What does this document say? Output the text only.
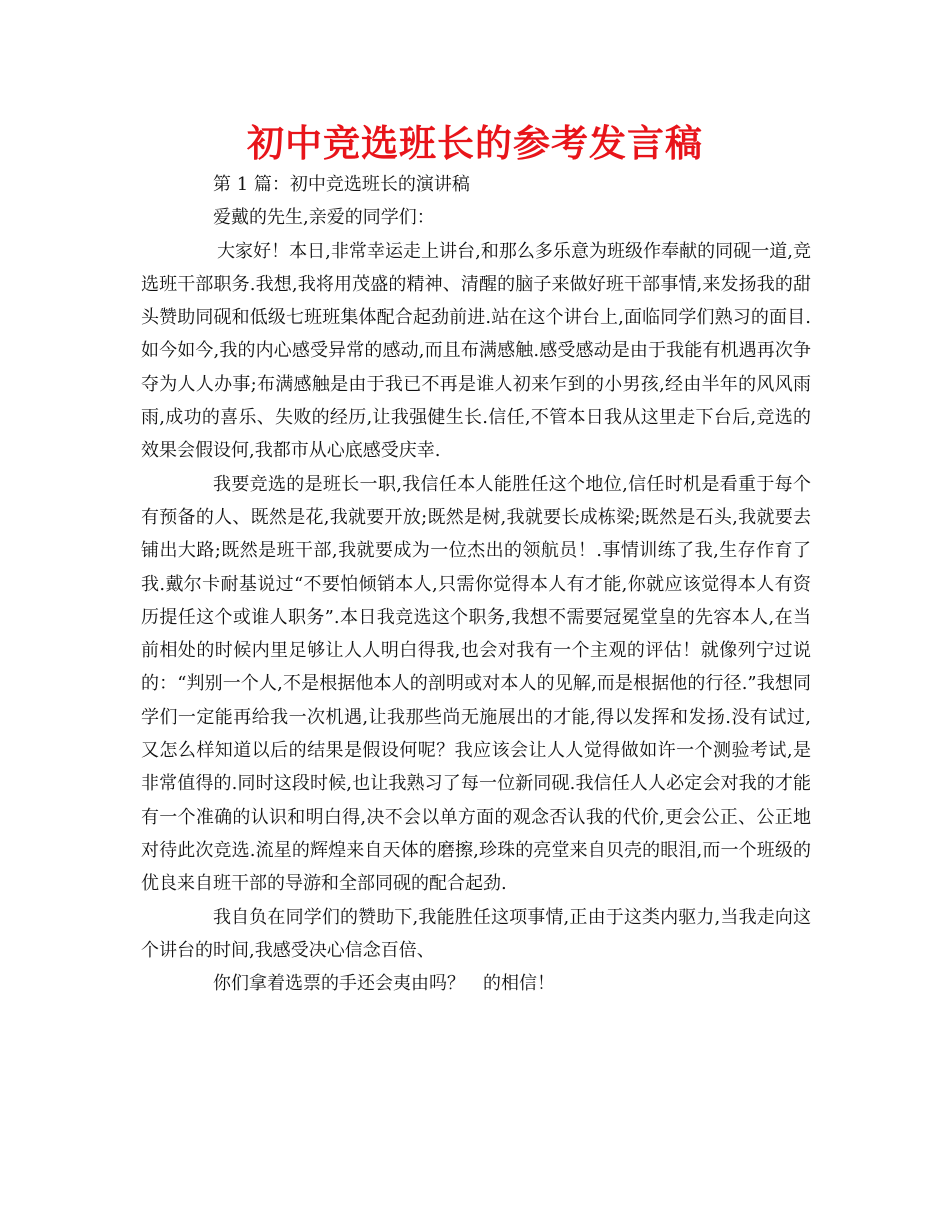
初中竞选班长的参考发言稿

第 1 篇：初中竞选班长的演讲稿

爱戴的先生,亲爱的同学们：

大家好！本日,非常幸运走上讲台,和那么多乐意为班级作奉献的同砚一道,竞选班干部职务.我想,我将用茂盛的精神、清醒的脑子来做好班干部事情,来发扬我的甜头赞助同砚和低级七班班集体配合起劲前进.站在这个讲台上,面临同学们熟习的面目.如今如今,我的内心感受异常的感动,而且布满感触.感受感动是由于我能有机遇再次争夺为人人办事;布满感触是由于我已不再是谁人初来乍到的小男孩,经由半年的风风雨雨,成功的喜乐、失败的经历,让我强健生长.信任,不管本日我从这里走下台后,竞选的效果会假设何,我都市从心底感受庆幸.

我要竞选的是班长一职,我信任本人能胜任这个地位,信任时机是看重于每个有预备的人、既然是花,我就要开放;既然是树,我就要长成栋梁;既然是石头,我就要去铺出大路;既然是班干部,我就要成为一位杰出的领航员！.事情训练了我,生存作育了我.戴尔卡耐基说过“不要怕倾销本人,只需你觉得本人有才能,你就应该觉得本人有资历提任这个或谁人职务”.本日我竞选这个职务,我想不需要冠冕堂皇的先容本人,在当前相处的时候内里足够让人人明白得我,也会对我有一个主观的评估！就像列宁过说的：“判别一个人,不是根据他本人的剖明或对本人的见解,而是根据他的行径.”我想同学们一定能再给我一次机遇,让我那些尚无施展出的才能,得以发挥和发扬.没有试过,又怎么样知道以后的结果是假设何呢？我应该会让人人觉得做如许一个测验考试,是非常值得的.同时这段时候,也让我熟习了每一位新同砚.我信任人人必定会对我的才能有一个准确的认识和明白得,决不会以单方面的观念否认我的代价,更会公正、公正地对待此次竞选.流星的辉煌来自天体的磨擦,珍珠的亮堂来自贝壳的眼泪,而一个班级的优良来自班干部的导游和全部同砚的配合起劲.

我自负在同学们的赞助下,我能胜任这项事情,正由于这类内驱力,当我走向这个讲台的时间,我感受决心信念百倍、

你们拿着选票的手还会夷由吗？　的相信！
